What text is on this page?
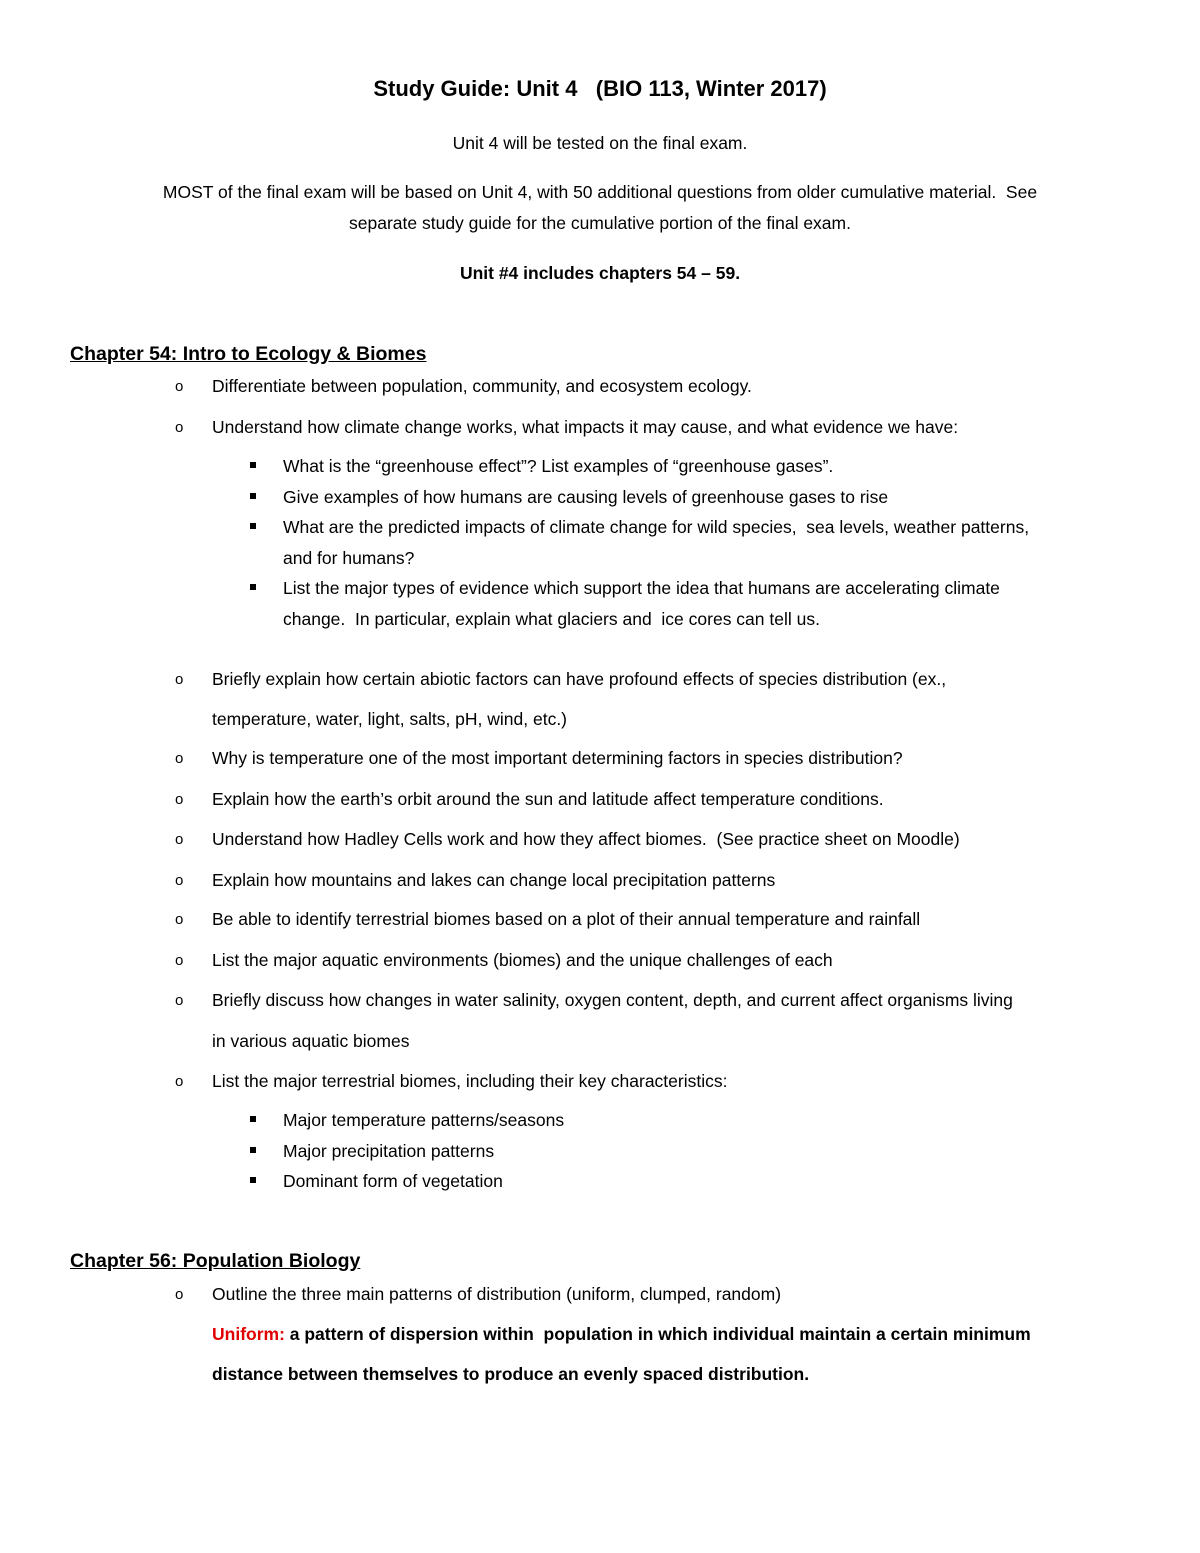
Study Guide: Unit 4   (BIO 113, Winter 2017)
Unit 4 will be tested on the final exam.
MOST of the final exam will be based on Unit 4, with 50 additional questions from older cumulative material.  See
separate study guide for the cumulative portion of the final exam.
Unit #4 includes chapters 54 – 59.
Chapter 54: Intro to Ecology & Biomes
o Differentiate between population, community, and ecosystem ecology.
o Understand how climate change works, what impacts it may cause, and what evidence we have:
What is the “greenhouse effect”? List examples of “greenhouse gases”.
Give examples of how humans are causing levels of greenhouse gases to rise
What are the predicted impacts of climate change for wild species,  sea levels, weather patterns,
and for humans?
List the major types of evidence which support the idea that humans are accelerating climate
change.  In particular, explain what glaciers and  ice cores can tell us.
o Briefly explain how certain abiotic factors can have profound effects of species distribution (ex.,
temperature, water, light, salts, pH, wind, etc.)
o Why is temperature one of the most important determining factors in species distribution?
o Explain how the earth’s orbit around the sun and latitude affect temperature conditions.
o Understand how Hadley Cells work and how they affect biomes.  (See practice sheet on Moodle)
o Explain how mountains and lakes can change local precipitation patterns
o Be able to identify terrestrial biomes based on a plot of their annual temperature and rainfall
o List the major aquatic environments (biomes) and the unique challenges of each
o Briefly discuss how changes in water salinity, oxygen content, depth, and current affect organisms living
in various aquatic biomes
o List the major terrestrial biomes, including their key characteristics:
Major temperature patterns/seasons
Major precipitation patterns
Dominant form of vegetation
Chapter 56: Population Biology
o Outline the three main patterns of distribution (uniform, clumped, random)
Uniform: a pattern of dispersion within  population in which individual maintain a certain minimum
distance between themselves to produce an evenly spaced distribution.
